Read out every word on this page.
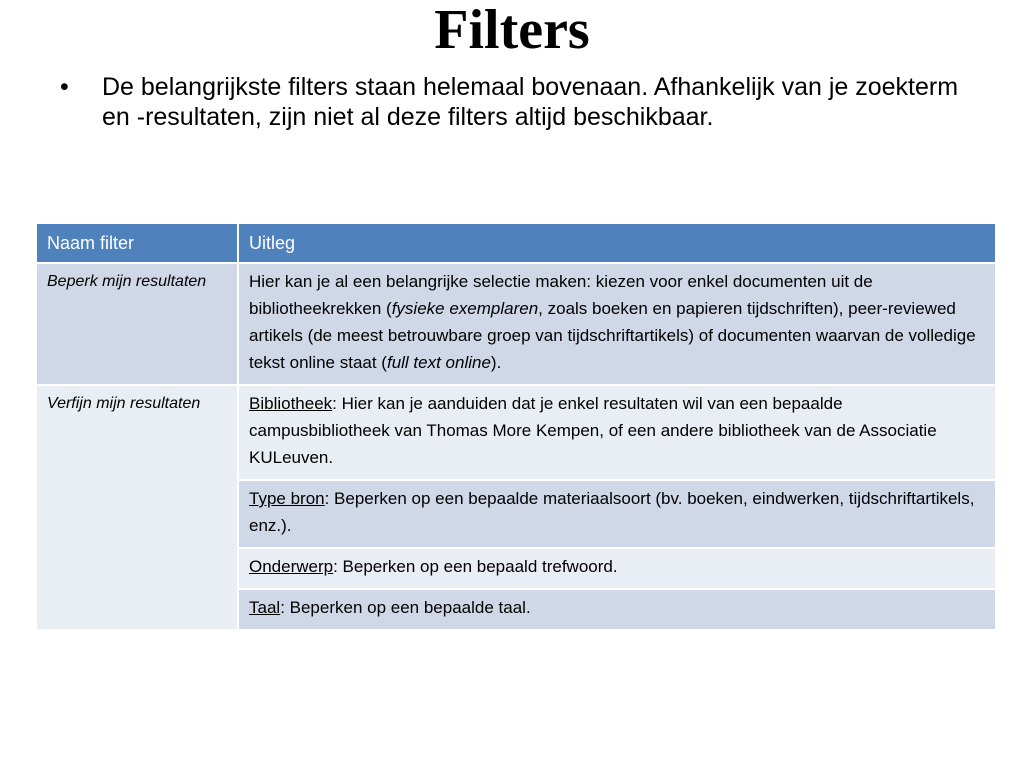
Filters
•	De belangrijkste filters staan helemaal bovenaan. Afhankelijk van je zoekterm en -resultaten, zijn niet al deze filters altijd beschikbaar.
Naam filter	Uitleg
Beperk mijn resultaten	Hier kan je al een belangrijke selectie maken: kiezen voor enkel documenten uit de bibliotheekrekken (fysieke exemplaren, zoals boeken en papieren tijdschriften), peer-reviewed artikels (de meest betrouwbare groep van tijdschriftartikels) of documenten waarvan de volledige tekst online staat (full text online).
Verfijn mijn resultaten	Bibliotheek: Hier kan je aanduiden dat je enkel resultaten wil van een bepaalde campusbibliotheek van Thomas More Kempen, of een andere bibliotheek van de Associatie KULeuven.
	Type bron: Beperken op een bepaalde materiaalsoort (bv. boeken, eindwerken, tijdschriftartikels, enz.).
	Onderwerp: Beperken op een bepaald trefwoord.
	Taal: Beperken op een bepaalde taal.
